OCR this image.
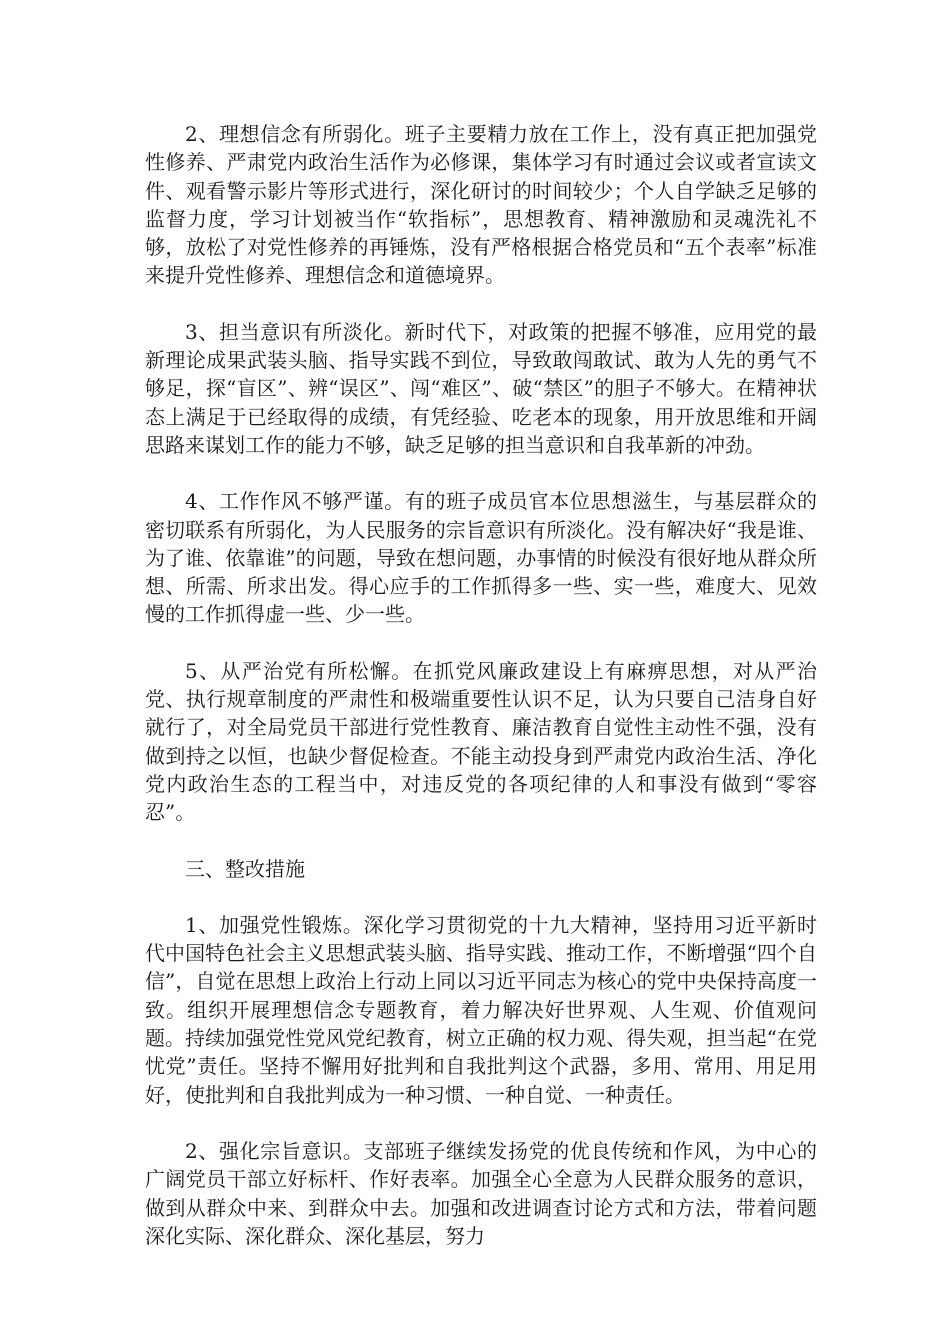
2、理想信念有所弱化。班子主要精力放在工作上，没有真正把加强党性修养、严肃党内政治生活作为必修课，集体学习有时通过会议或者宣读文件、观看警示影片等形式进行，深化研讨的时间较少；个人自学缺乏足够的监督力度，学习计划被当作“软指标”，思想教育、精神激励和灵魂洗礼不够，放松了对党性修养的再锤炼，没有严格根据合格党员和“五个表率”标准来提升党性修养、理想信念和道德境界。

3、担当意识有所淡化。新时代下，对政策的把握不够准，应用党的最新理论成果武装头脑、指导实践不到位，导致敢闯敢试、敢为人先的勇气不够足，探“盲区”、辨“误区”、闯“难区”、破“禁区”的胆子不够大。在精神状态上满足于已经取得的成绩，有凭经验、吃老本的现象，用开放思维和开阔思路来谋划工作的能力不够，缺乏足够的担当意识和自我革新的冲劲。

4、工作作风不够严谨。有的班子成员官本位思想滋生，与基层群众的密切联系有所弱化，为人民服务的宗旨意识有所淡化。没有解决好“我是谁、为了谁、依靠谁”的问题，导致在想问题，办事情的时候没有很好地从群众所想、所需、所求出发。得心应手的工作抓得多一些、实一些，难度大、见效慢的工作抓得虚一些、少一些。

5、从严治党有所松懈。在抓党风廉政建设上有麻痹思想，对从严治党、执行规章制度的严肃性和极端重要性认识不足，认为只要自己洁身自好就行了，对全局党员干部进行党性教育、廉洁教育自觉性主动性不强，没有做到持之以恒，也缺少督促检查。不能主动投身到严肃党内政治生活、净化党内政治生态的工程当中，对违反党的各项纪律的人和事没有做到“零容忍”。

三、整改措施

1、加强党性锻炼。深化学习贯彻党的十九大精神，坚持用习近平新时代中国特色社会主义思想武装头脑、指导实践、推动工作，不断增强“四个自信”，自觉在思想上政治上行动上同以习近平同志为核心的党中央保持高度一致。组织开展理想信念专题教育，着力解决好世界观、人生观、价值观问题。持续加强党性党风党纪教育，树立正确的权力观、得失观，担当起“在党忧党”责任。坚持不懈用好批判和自我批判这个武器，多用、常用、用足用好，使批判和自我批判成为一种习惯、一种自觉、一种责任。

2、强化宗旨意识。支部班子继续发扬党的优良传统和作风，为中心的广阔党员干部立好标杆、作好表率。加强全心全意为人民群众服务的意识，做到从群众中来、到群众中去。加强和改进调查讨论方式和方法，带着问题深化实际、深化群众、深化基层，努力
